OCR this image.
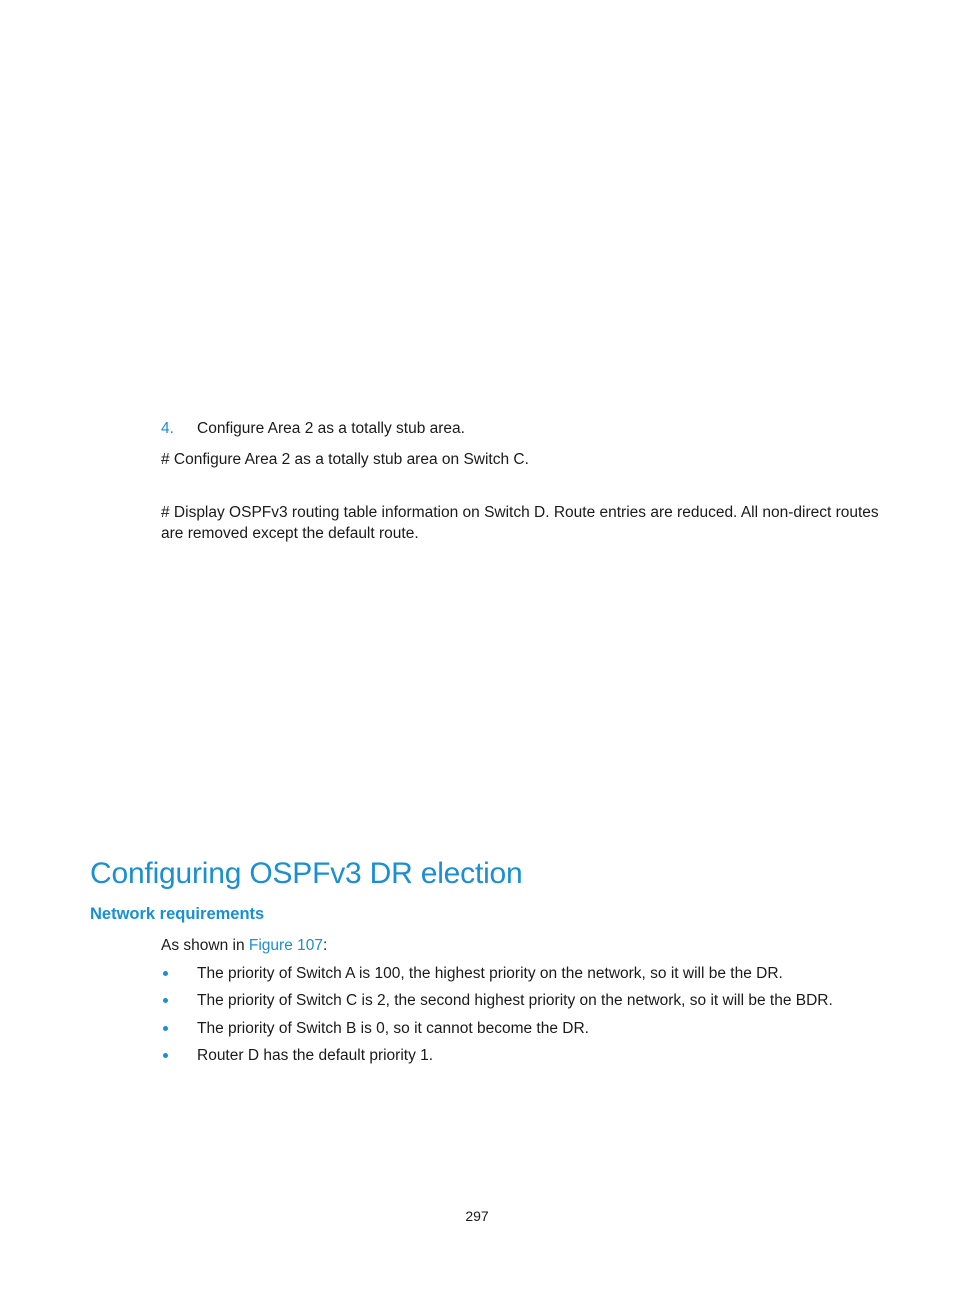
4. Configure Area 2 as a totally stub area.
# Configure Area 2 as a totally stub area on Switch C.
# Display OSPFv3 routing table information on Switch D. Route entries are reduced. All non-direct routes
are removed except the default route.
Configuring OSPFv3 DR election
Network requirements
As shown in Figure 107:
The priority of Switch A is 100, the highest priority on the network, so it will be the DR.
The priority of Switch C is 2, the second highest priority on the network, so it will be the BDR.
The priority of Switch B is 0, so it cannot become the DR.
Router D has the default priority 1.
297
